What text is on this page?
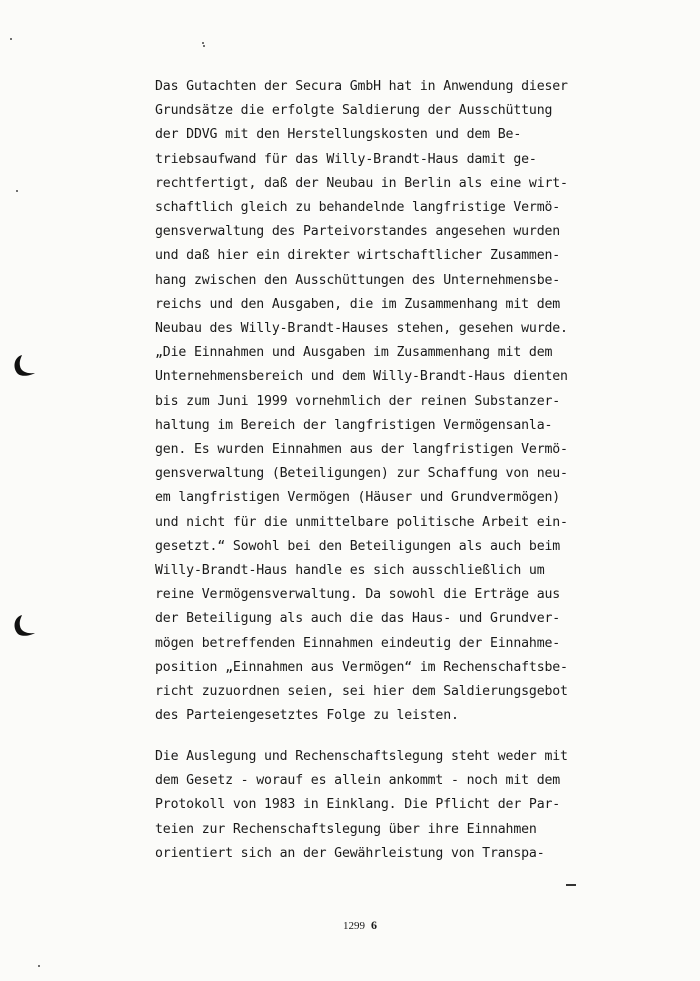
Das Gutachten der Secura GmbH hat in Anwendung dieser
Grundsätze die erfolgte Saldierung der Ausschüttung
der DDVG mit den Herstellungskosten und dem Be-
triebsaufwand für das Willy-Brandt-Haus damit ge-
rechtfertigt, daß der Neubau in Berlin als eine wirt-
schaftlich gleich zu behandelnde langfristige Vermö-
gensverwaltung des Parteivorstandes angesehen wurden
und daß hier ein direkter wirtschaftlicher Zusammen-
hang zwischen den Ausschüttungen des Unternehmensbe-
reichs und den Ausgaben, die im Zusammenhang mit dem
Neubau des Willy-Brandt-Hauses stehen, gesehen wurde.
„Die Einnahmen und Ausgaben im Zusammenhang mit dem
Unternehmensbereich und dem Willy-Brandt-Haus dienten
bis zum Juni 1999 vornehmlich der reinen Substanzer-
haltung im Bereich der langfristigen Vermögensanla-
gen. Es wurden Einnahmen aus der langfristigen Vermö-
gensverwaltung (Beteiligungen) zur Schaffung von neu-
em langfristigen Vermögen (Häuser und Grundvermögen)
und nicht für die unmittelbare politische Arbeit ein-
gesetzt.“ Sowohl bei den Beteiligungen als auch beim
Willy-Brandt-Haus handle es sich ausschließlich um
reine Vermögensverwaltung. Da sowohl die Erträge aus
der Beteiligung als auch die das Haus- und Grundver-
mögen betreffenden Einnahmen eindeutig der Einnahme-
position „Einnahmen aus Vermögen“ im Rechenschaftsbe-
richt zuzuordnen seien, sei hier dem Saldierungsgebot
des Parteiengesetztes Folge zu leisten.
Die Auslegung und Rechenschaftslegung steht weder mit
dem Gesetz - worauf es allein ankommt - noch mit dem
Protokoll von 1983 in Einklang. Die Pflicht der Par-
teien zur Rechenschaftslegung über ihre Einnahmen
orientiert sich an der Gewährleistung von Transpa-
1299 6
